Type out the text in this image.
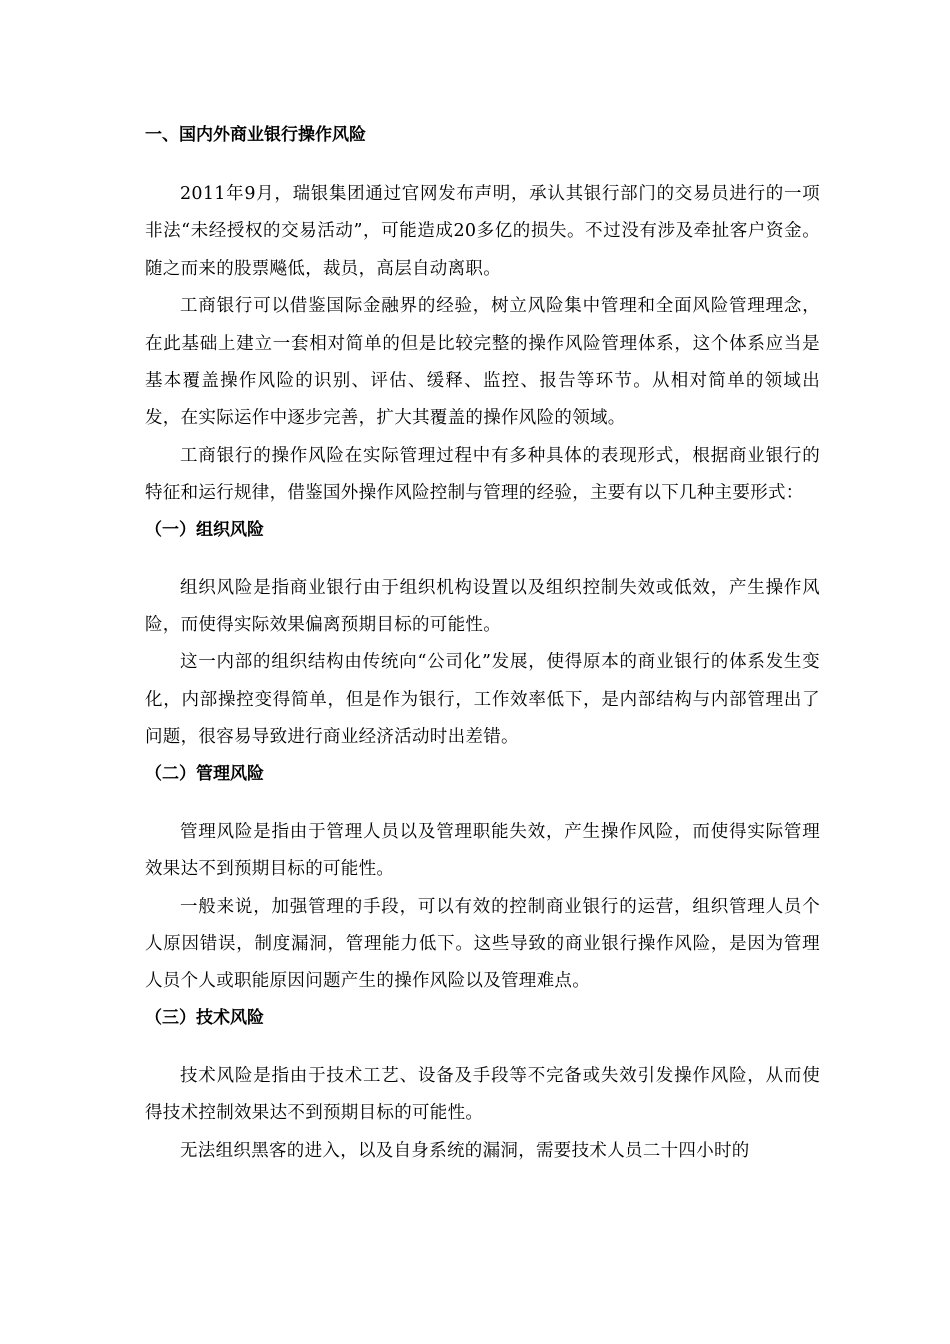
一、国内外商业银行操作风险

2011年9月，瑞银集团通过官网发布声明，承认其银行部门的交易员进行的一项非法“未经授权的交易活动”，可能造成20多亿的损失。不过没有涉及牵扯客户资金。随之而来的股票飚低，裁员，高层自动离职。

工商银行可以借鉴国际金融界的经验，树立风险集中管理和全面风险管理理念，在此基础上建立一套相对简单的但是比较完整的操作风险管理体系，这个体系应当是基本覆盖操作风险的识别、评估、缓释、监控、报告等环节。从相对简单的领域出发，在实际运作中逐步完善，扩大其覆盖的操作风险的领域。

工商银行的操作风险在实际管理过程中有多种具体的表现形式，根据商业银行的特征和运行规律，借鉴国外操作风险控制与管理的经验，主要有以下几种主要形式：

（一）组织风险

组织风险是指商业银行由于组织机构设置以及组织控制失效或低效，产生操作风险，而使得实际效果偏离预期目标的可能性。

这一内部的组织结构由传统向“公司化”发展，使得原本的商业银行的体系发生变化，内部操控变得简单，但是作为银行，工作效率低下，是内部结构与内部管理出了问题，很容易导致进行商业经济活动时出差错。

（二）管理风险

管理风险是指由于管理人员以及管理职能失效，产生操作风险，而使得实际管理效果达不到预期目标的可能性。

一般来说，加强管理的手段，可以有效的控制商业银行的运营，组织管理人员个人原因错误，制度漏洞，管理能力低下。这些导致的商业银行操作风险，是因为管理人员个人或职能原因问题产生的操作风险以及管理难点。

（三）技术风险

技术风险是指由于技术工艺、设备及手段等不完备或失效引发操作风险，从而使得技术控制效果达不到预期目标的可能性。

无法组织黑客的进入，以及自身系统的漏洞，需要技术人员二十四小时的
